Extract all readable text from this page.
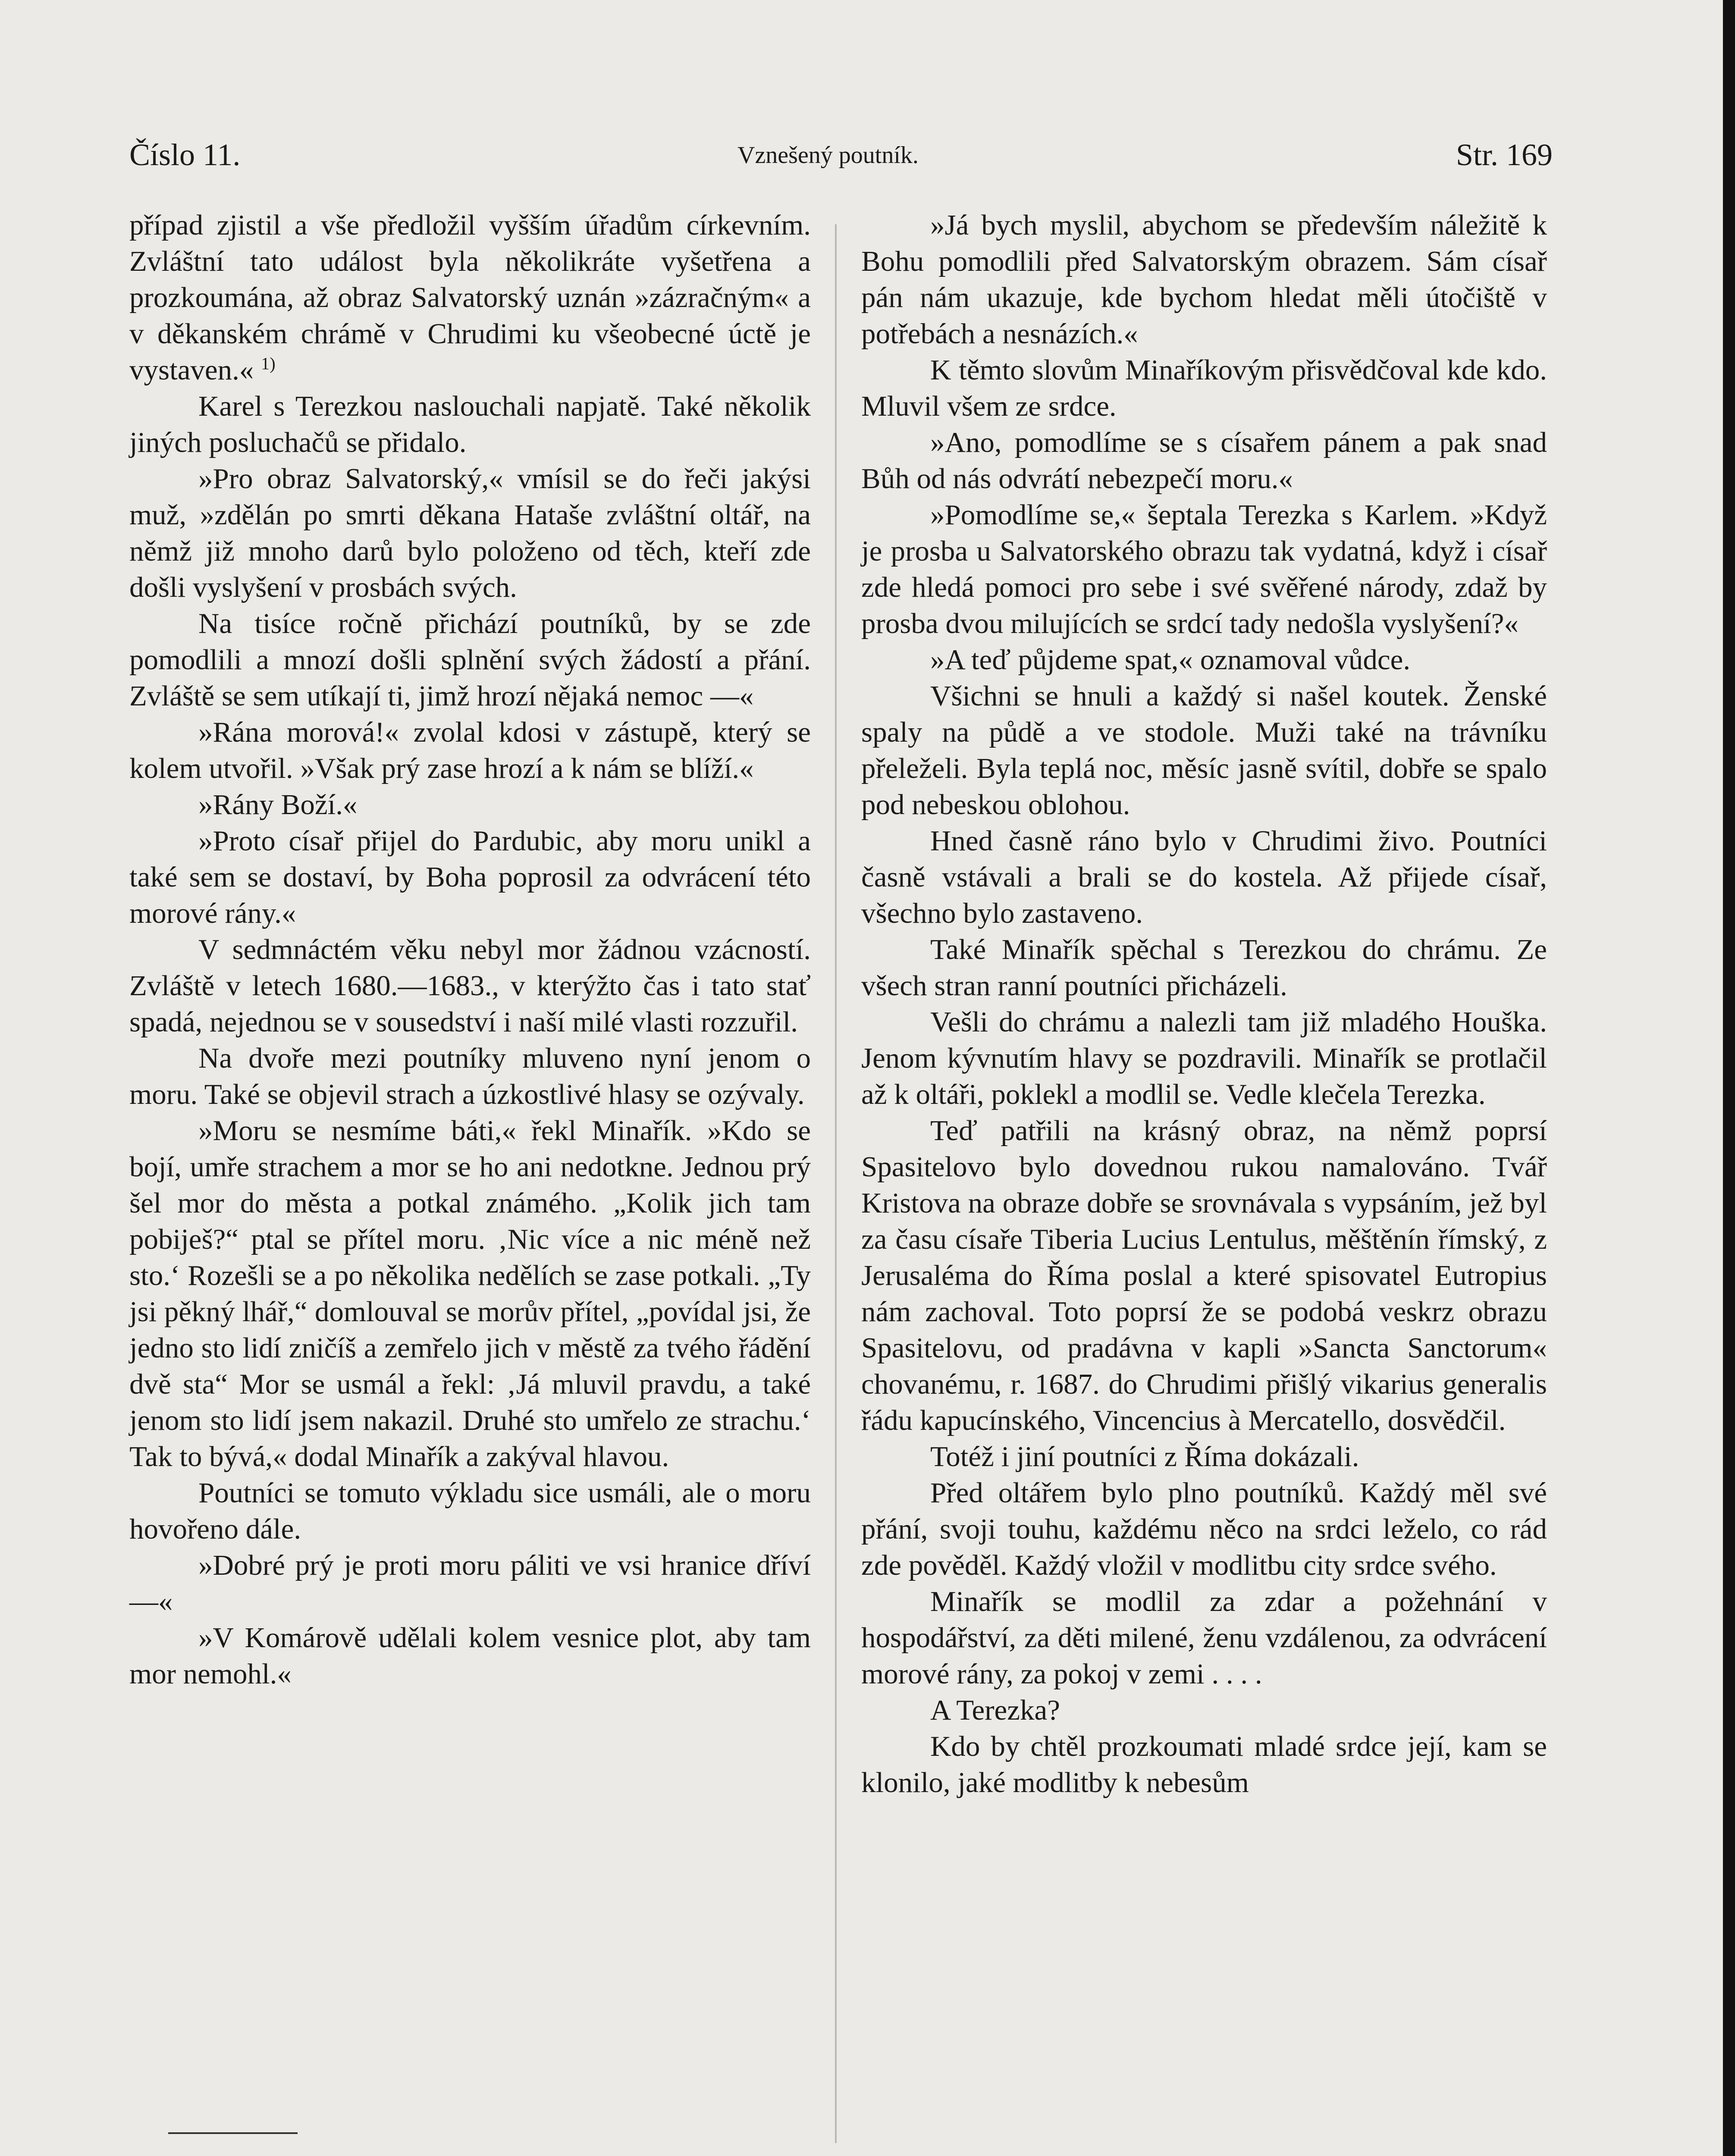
Číslo 11.	Vznešený poutník.	Str. 169

případ zjistil a vše předložil vyšším úřadům církevním. Zvláštní tato událost byla několikráte vyšetřena a prozkoumána, až obraz Salvatorský uznán »zázračným« a v děkanském chrámě v Chrudimi ku všeobecné úctě je vystaven.« $^{1)}$

Karel s Terezkou naslouchali napjatě. Také několik jiných posluchačů se přidalo.

»Pro obraz Salvatorský,« vmísil se do řeči jakýsi muž, »zdělán po smrti děkana Hataše zvláštní oltář, na němž již mnoho darů bylo položeno od těch, kteří zde došli vyslyšení v prosbách svých.

Na tisíce ročně přichází poutníků, by se zde pomodlili a mnozí došli splnění svých žádostí a přání. Zvláště se sem utíkají ti, jimž hrozí nějaká nemoc —«

»Rána morová!« zvolal kdosi v zástupě, který se kolem utvořil. »Však prý zase hrozí a k nám se blíží.«

»Rány Boží.«

»Proto císař přijel do Pardubic, aby moru unikl a také sem se dostaví, by Boha poprosil za odvrácení této morové rány.«

V sedmnáctém věku nebyl mor žádnou vzácností. Zvláště v letech 1680.—1683., v kterýžto čas i tato stať spadá, nejednou se v sousedství i naší milé vlasti rozzuřil.

Na dvoře mezi poutníky mluveno nyní jenom o moru. Také se objevil strach a úzkostlivé hlasy se ozývaly.

»Moru se nesmíme báti,« řekl Minařík. »Kdo se bojí, umře strachem a mor se ho ani nedotkne. Jednou prý šel mor do města a potkal známého. „Kolik jich tam pobiješ?“ ptal se přítel moru. ‚Nic více a nic méně než sto.‘ Rozešli se a po několika nedělích se zase potkali. „Ty jsi pěkný lhář,“ domlouval se morův přítel, „povídal jsi, že jedno sto lidí zničíš a zemřelo jich v městě za tvého řádění dvě sta“ Mor se usmál a řekl: ‚Já mluvil pravdu, a také jenom sto lidí jsem nakazil. Druhé sto umřelo ze strachu.‘ Tak to bývá,« dodal Minařík a zakýval hlavou.

Poutníci se tomuto výkladu sice usmáli, ale o moru hovořeno dále.

»Dobré prý je proti moru páliti ve vsi hranice dříví —«

»V Komárově udělali kolem vesnice plot, aby tam mor nemohl.«

»Já bych myslil, abychom se především náležitě k Bohu pomodlili před Salvatorským obrazem. Sám císař pán nám ukazuje, kde bychom hledat měli útočiště v potřebách a nesnázích.«

K těmto slovům Minaříkovým přisvědčoval kde kdo. Mluvil všem ze srdce.

»Ano, pomodlíme se s císařem pánem a pak snad Bůh od nás odvrátí nebezpečí moru.«

»Pomodlíme se,« šeptala Terezka s Karlem. »Když je prosba u Salvatorského obrazu tak vydatná, když i císař zde hledá pomoci pro sebe i své svěřené národy, zdaž by prosba dvou milujících se srdcí tady nedošla vyslyšení?«

»A teď půjdeme spat,« oznamoval vůdce.

Všichni se hnuli a každý si našel koutek. Ženské spaly na půdě a ve stodole. Muži také na trávníku přeleželi. Byla teplá noc, měsíc jasně svítil, dobře se spalo pod nebeskou oblohou.

Hned časně ráno bylo v Chrudimi živo. Poutníci časně vstávali a brali se do kostela. Až přijede císař, všechno bylo zastaveno.

Také Minařík spěchal s Terezkou do chrámu. Ze všech stran ranní poutníci přicházeli.

Vešli do chrámu a nalezli tam již mladého Houška. Jenom kývnutím hlavy se pozdravili. Minařík se protlačil až k oltáři, poklekl a modlil se. Vedle klečela Terezka.

Teď patřili na krásný obraz, na němž poprsí Spasitelovo bylo dovednou rukou namalováno. Tvář Kristova na obraze dobře se srovnávala s vypsáním, jež byl za času císaře Tiberia Lucius Lentulus, měštěnín římský, z Jerusaléma do Říma poslal a které spisovatel Eutropius nám zachoval. Toto poprsí že se podobá veskrz obrazu Spasitelovu, od pradávna v kapli »Sancta Sanctorum« chovanému, r. 1687. do Chrudimi přišlý vikarius generalis řádu kapucínského, Vincencius à Mercatello, dosvědčil.

Totéž i jiní poutníci z Říma dokázali.

Před oltářem bylo plno poutníků. Každý měl své přání, svoji touhu, každému něco na srdci leželo, co rád zde pověděl. Každý vložil v modlitbu city srdce svého.

Minařík se modlil za zdar a požehnání v hospodářství, za děti milené, ženu vzdálenou, za odvrácení morové rány, za pokoj v zemi . . . .

A Terezka?

Kdo by chtěl prozkoumati mladé srdce její, kam se klonilo, jaké modlitby k nebesům
